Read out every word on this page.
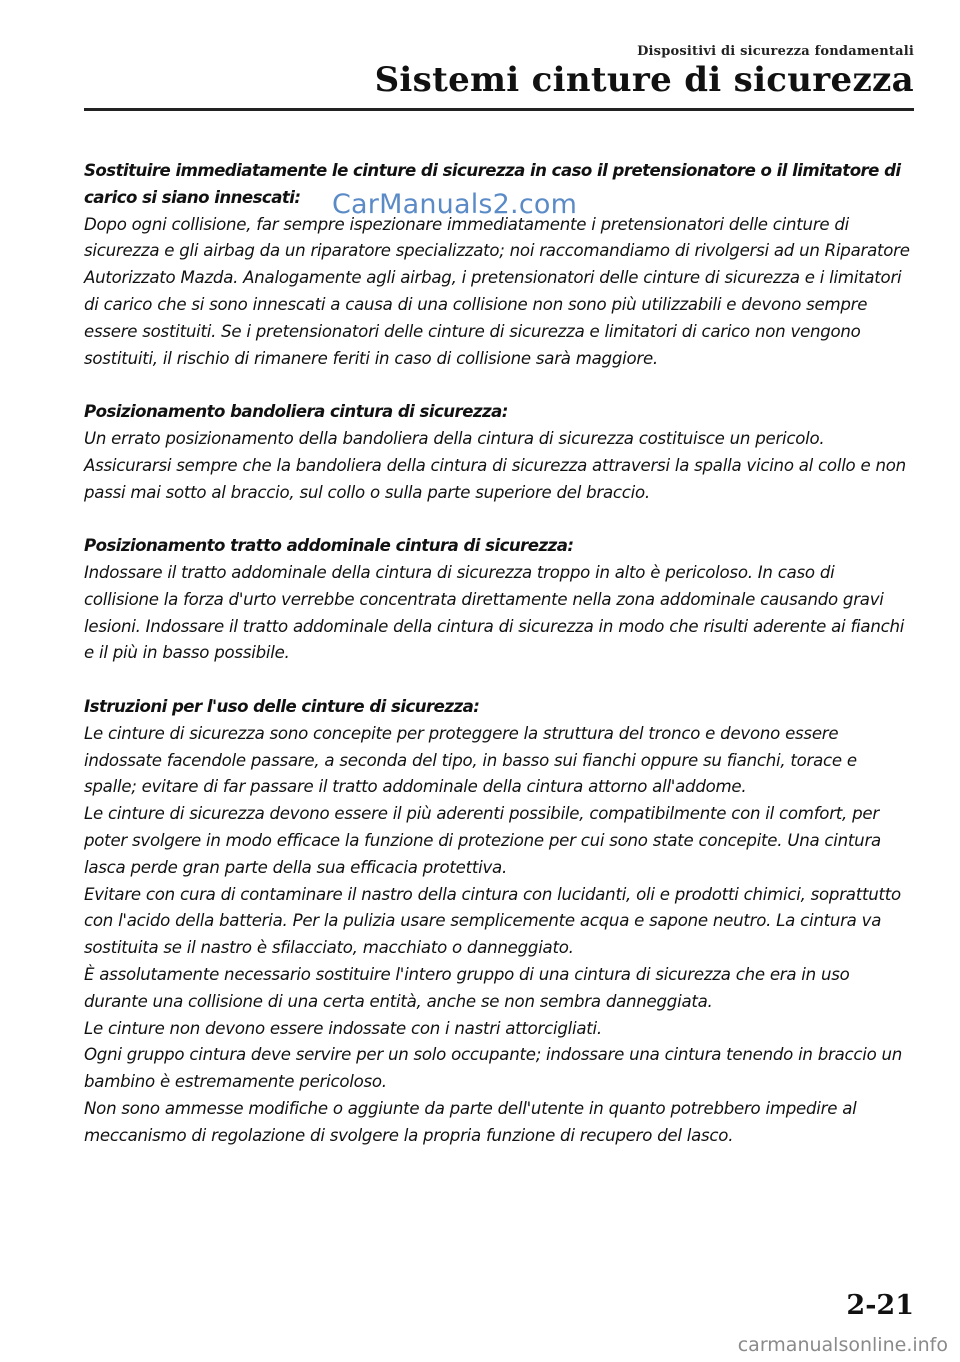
Dispositivi di sicurezza fondamentali
Sistemi cinture di sicurezza

Sostituire immediatamente le cinture di sicurezza in caso il pretensionatore o il limitatore di carico si siano innescati:

Dopo ogni collisione, far sempre ispezionare immediatamente i pretensionatori delle cinture di sicurezza e gli airbag da un riparatore specializzato; noi raccomandiamo di rivolgersi ad un Riparatore Autorizzato Mazda. Analogamente agli airbag, i pretensionatori delle cinture di sicurezza e i limitatori di carico che si sono innescati a causa di una collisione non sono più utilizzabili e devono sempre essere sostituiti. Se i pretensionatori delle cinture di sicurezza e limitatori di carico non vengono sostituiti, il rischio di rimanere feriti in caso di collisione sarà maggiore.

Posizionamento bandoliera cintura di sicurezza:

Un errato posizionamento della bandoliera della cintura di sicurezza costituisce un pericolo. Assicurarsi sempre che la bandoliera della cintura di sicurezza attraversi la spalla vicino al collo e non passi mai sotto al braccio, sul collo o sulla parte superiore del braccio.

Posizionamento tratto addominale cintura di sicurezza:

Indossare il tratto addominale della cintura di sicurezza troppo in alto è pericoloso. In caso di collisione la forza d'urto verrebbe concentrata direttamente nella zona addominale causando gravi lesioni. Indossare il tratto addominale della cintura di sicurezza in modo che risulti aderente ai fianchi e il più in basso possibile.

Istruzioni per l'uso delle cinture di sicurezza:

Le cinture di sicurezza sono concepite per proteggere la struttura del tronco e devono essere indossate facendole passare, a seconda del tipo, in basso sui fianchi oppure su fianchi, torace e spalle; evitare di far passare il tratto addominale della cintura attorno all'addome.

Le cinture di sicurezza devono essere il più aderenti possibile, compatibilmente con il comfort, per poter svolgere in modo efficace la funzione di protezione per cui sono state concepite. Una cintura lasca perde gran parte della sua efficacia protettiva.

Evitare con cura di contaminare il nastro della cintura con lucidanti, oli e prodotti chimici, soprattutto con l'acido della batteria. Per la pulizia usare semplicemente acqua e sapone neutro. La cintura va sostituita se il nastro è sfilacciato, macchiato o danneggiato.

È assolutamente necessario sostituire l'intero gruppo di una cintura di sicurezza che era in uso durante una collisione di una certa entità, anche se non sembra danneggiata.

Le cinture non devono essere indossate con i nastri attorcigliati.

Ogni gruppo cintura deve servire per un solo occupante; indossare una cintura tenendo in braccio un bambino è estremamente pericoloso.

Non sono ammesse modifiche o aggiunte da parte dell'utente in quanto potrebbero impedire al meccanismo di regolazione di svolgere la propria funzione di recupero del lasco.

CarManuals2.com
2-21
carmanualsonline.info
